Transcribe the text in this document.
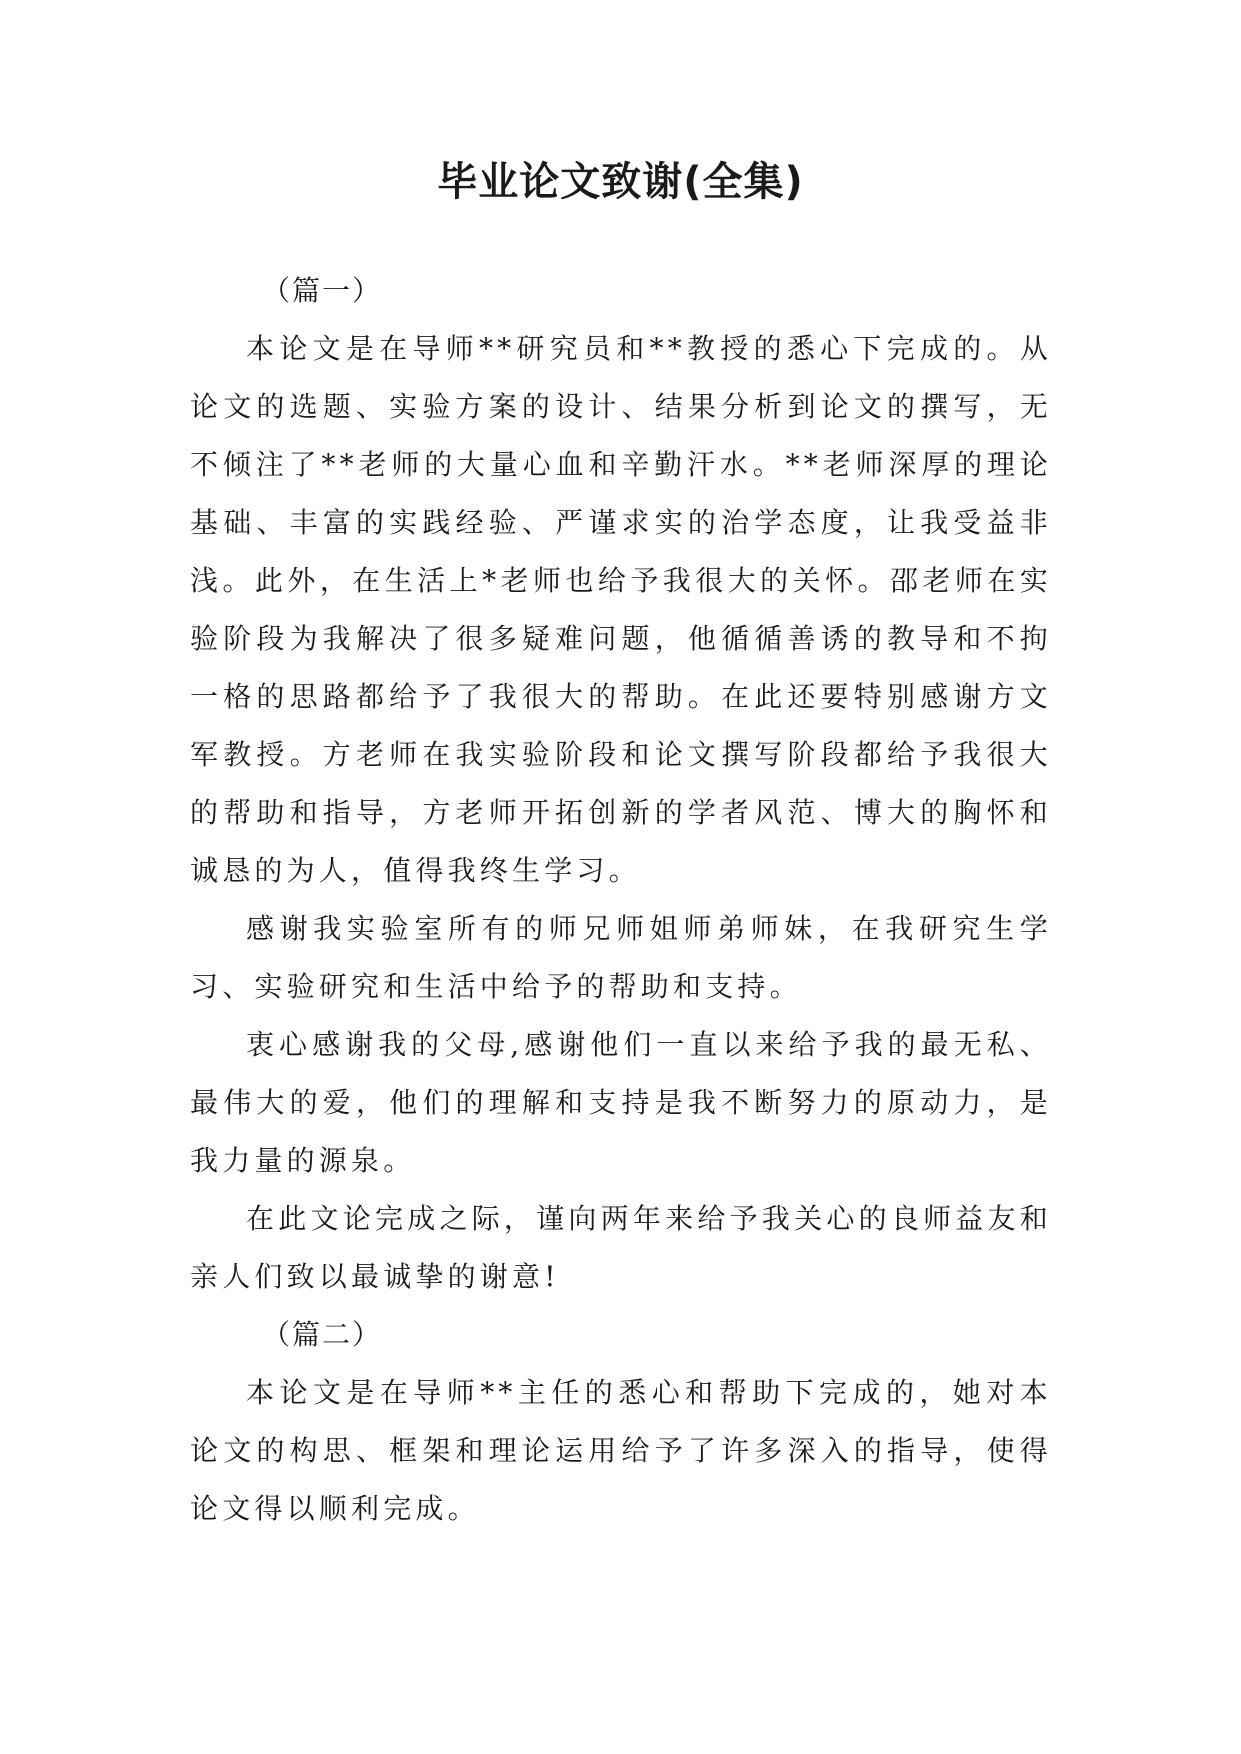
毕业论文致谢(全集)

（篇一）

本论文是在导师**研究员和**教授的悉心下完成的。从论文的选题、实验方案的设计、结果分析到论文的撰写，无不倾注了**老师的大量心血和辛勤汗水。**老师深厚的理论基础、丰富的实践经验、严谨求实的治学态度，让我受益非浅。此外，在生活上*老师也给予我很大的关怀。邵老师在实验阶段为我解决了很多疑难问题，他循循善诱的教导和不拘一格的思路都给予了我很大的帮助。在此还要特别感谢方文军教授。方老师在我实验阶段和论文撰写阶段都给予我很大的帮助和指导，方老师开拓创新的学者风范、博大的胸怀和诚恳的为人，值得我终生学习。

感谢我实验室所有的师兄师姐师弟师妹，在我研究生学习、实验研究和生活中给予的帮助和支持。

衷心感谢我的父母,感谢他们一直以来给予我的最无私、最伟大的爱，他们的理解和支持是我不断努力的原动力，是我力量的源泉。

在此文论完成之际，谨向两年来给予我关心的良师益友和亲人们致以最诚挚的谢意!

（篇二）

本论文是在导师**主任的悉心和帮助下完成的，她对本论文的构思、框架和理论运用给予了许多深入的指导，使得论文得以顺利完成。
